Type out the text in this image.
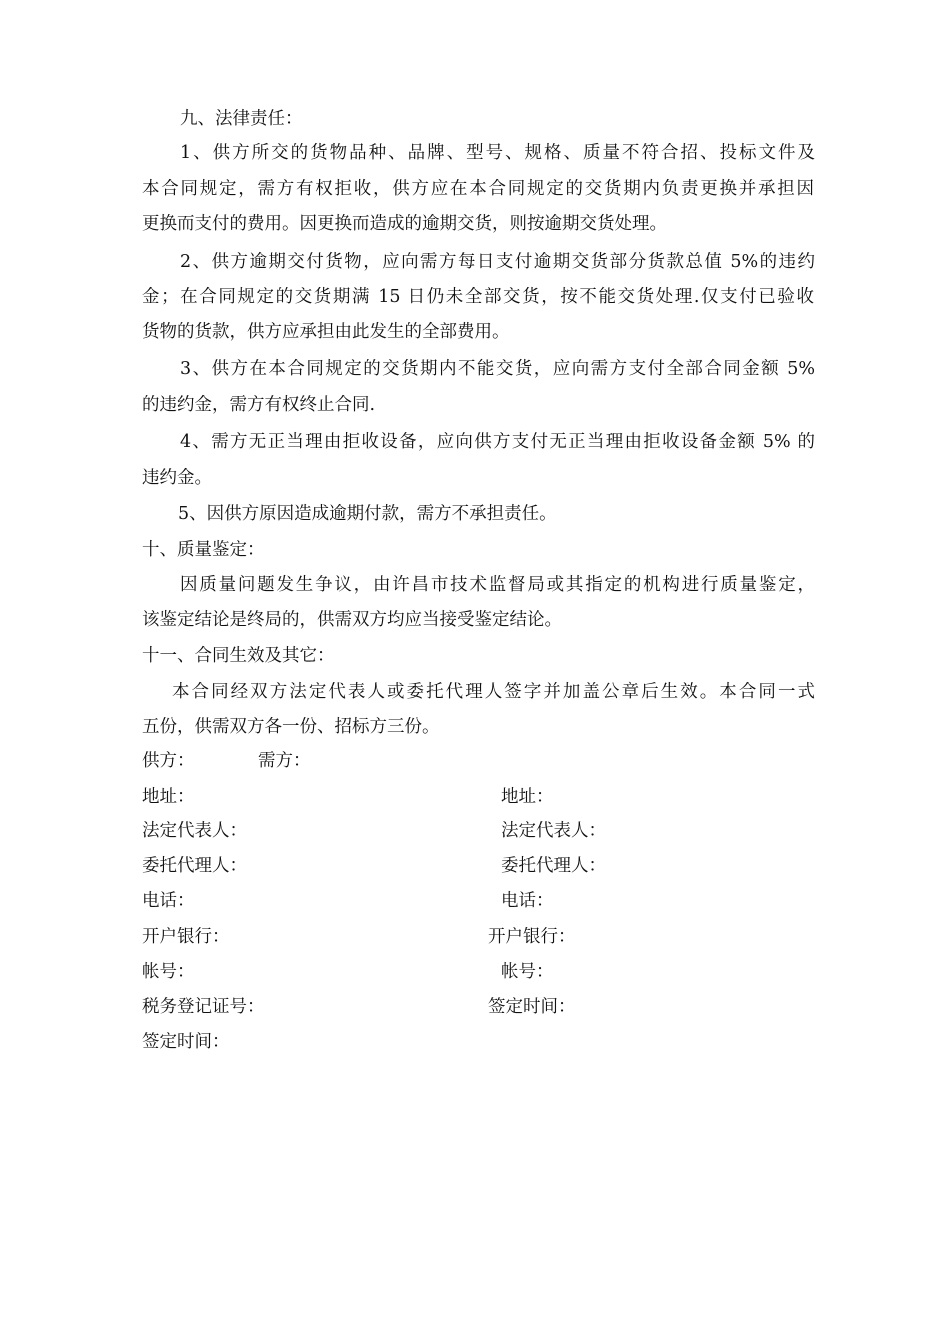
九、法律责任：
1、供方所交的货物品种、品牌、型号、规格、质量不符合招、投标文件及
本合同规定，需方有权拒收，供方应在本合同规定的交货期内负责更换并承担因
更换而支付的费用。因更换而造成的逾期交货，则按逾期交货处理。
2、供方逾期交付货物，应向需方每日支付逾期交货部分货款总值 5%的违约
金；在合同规定的交货期满 15 日仍未全部交货，按不能交货处理.仅支付已验收
货物的货款，供方应承担由此发生的全部费用。
3、供方在本合同规定的交货期内不能交货，应向需方支付全部合同金额 5%
的违约金，需方有权终止合同.
4、需方无正当理由拒收设备，应向供方支付无正当理由拒收设备金额 5% 的
违约金。
5、因供方原因造成逾期付款，需方不承担责任。
十、质量鉴定：
因质量问题发生争议，由许昌市技术监督局或其指定的机构进行质量鉴定，
该鉴定结论是终局的，供需双方均应当接受鉴定结论。
十一、合同生效及其它：
本合同经双方法定代表人或委托代理人签字并加盖公章后生效。本合同一式
五份，供需双方各一份、招标方三份。
供方：	需方：
地址：
法定代表人：
委托代理人：
电话：
开户银行：
帐号：
税务登记证号：
签定时间：
地址：
法定代表人：
委托代理人：
电话：
开户银行：
帐号：
签定时间：
